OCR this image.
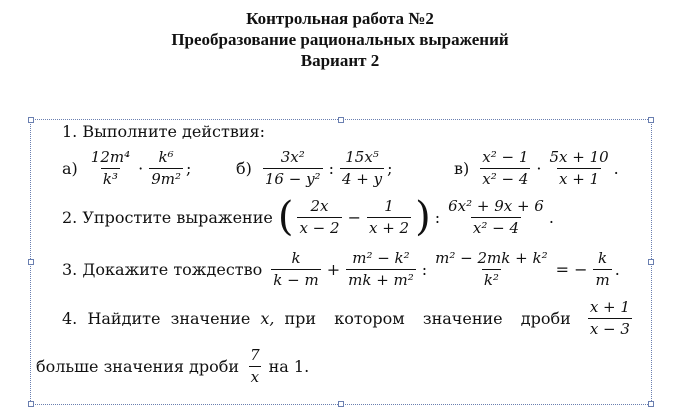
Контрольная работа №2
Преобразование рациональных выражений
Вариант 2
1. Выполните действия:
$а) \frac{\text{12m⁴}}{\text{k³}} \cdot \frac{\text{k⁶}}{\text{9m²}}$ ;	$б) \frac{\text{3x²}}{\text{16 − y²}}$ : $\frac{\text{15x⁵}}{4 + y}$ ;	$в) \frac{\text{x² − 1}}{\text{x² − 4}} \cdot \frac{5x + 10}{x + 1}$ .
2. Упростите выражение ( $\frac{2x}{x - 2} - \frac{1}{x + 2}$ ) : $\frac{\text{6x² + 9x + 6}}{\text{x² − 4}}$ .
3. Докажите тождество $\frac{k}{k - m} + \frac{\text{m² − k²}}{\text{mk + m²}}$ : $\frac{\text{m² − 2mk + k²}}{\text{k²}}$ = − $\frac{k}{m}$ .
4.  Найдите  значение x, при  котором  значение  дроби $\frac{x + 1}{x - 3}$
больше значения дроби $\frac{7}{x}$ на 1.
